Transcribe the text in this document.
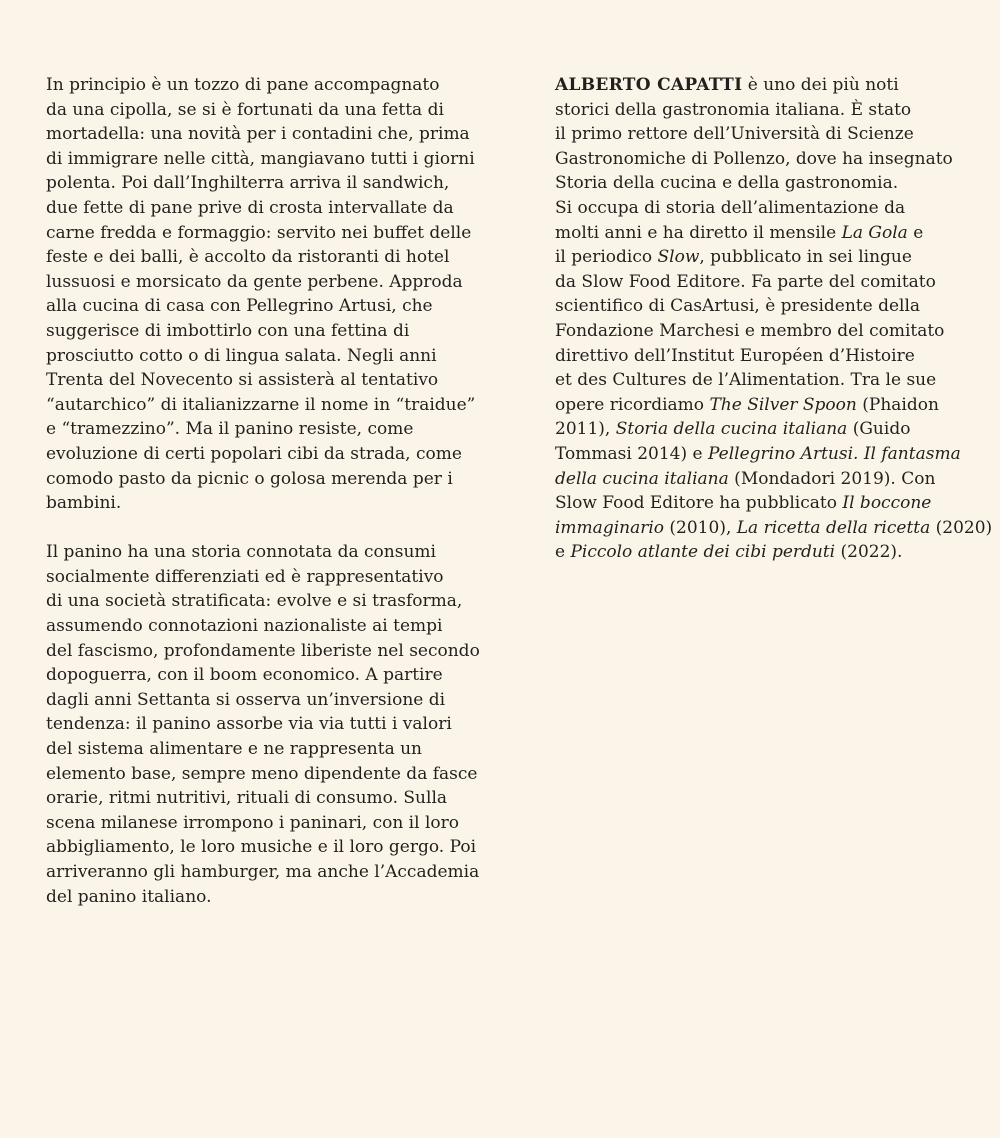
In principio è un tozzo di pane accompagnato
da una cipolla, se si è fortunati da una fetta di
mortadella: una novità per i contadini che, prima
di immigrare nelle città, mangiavano tutti i giorni
polenta. Poi dall’Inghilterra arriva il sandwich,
due fette di pane prive di crosta intervallate da
carne fredda e formaggio: servito nei buffet delle
feste e dei balli, è accolto da ristoranti di hotel
lussuosi e morsicato da gente perbene. Approda
alla cucina di casa con Pellegrino Artusi, che
suggerisce di imbottirlo con una fettina di
prosciutto cotto o di lingua salata. Negli anni
Trenta del Novecento si assisterà al tentativo
“autarchico” di italianizzarne il nome in “traidue”
e “tramezzino”. Ma il panino resiste, come
evoluzione di certi popolari cibi da strada, come
comodo pasto da picnic o golosa merenda per i
bambini.
Il panino ha una storia connotata da consumi
socialmente differenziati ed è rappresentativo
di una società stratificata: evolve e si trasforma,
assumendo connotazioni nazionaliste ai tempi
del fascismo, profondamente liberiste nel secondo
dopoguerra, con il boom economico. A partire
dagli anni Settanta si osserva un’inversione di
tendenza: il panino assorbe via via tutti i valori
del sistema alimentare e ne rappresenta un
elemento base, sempre meno dipendente da fasce
orarie, ritmi nutritivi, rituali di consumo. Sulla
scena milanese irrompono i paninari, con il loro
abbigliamento, le loro musiche e il loro gergo. Poi
arriveranno gli hamburger, ma anche l’Accademia
del panino italiano.
ALBERTO CAPATTI è uno dei più noti
storici della gastronomia italiana. È stato
il primo rettore dell’Università di Scienze
Gastronomiche di Pollenzo, dove ha insegnato
Storia della cucina e della gastronomia.
Si occupa di storia dell’alimentazione da
molti anni e ha diretto il mensile La Gola e
il periodico Slow, pubblicato in sei lingue
da Slow Food Editore. Fa parte del comitato
scientifico di CasArtusi, è presidente della
Fondazione Marchesi e membro del comitato
direttivo dell’Institut Européen d’Histoire
et des Cultures de l’Alimentation. Tra le sue
opere ricordiamo The Silver Spoon (Phaidon
2011), Storia della cucina italiana (Guido
Tommasi 2014) e Pellegrino Artusi. Il fantasma
della cucina italiana (Mondadori 2019). Con
Slow Food Editore ha pubblicato Il boccone
immaginario (2010), La ricetta della ricetta (2020)
e Piccolo atlante dei cibi perduti (2022).
